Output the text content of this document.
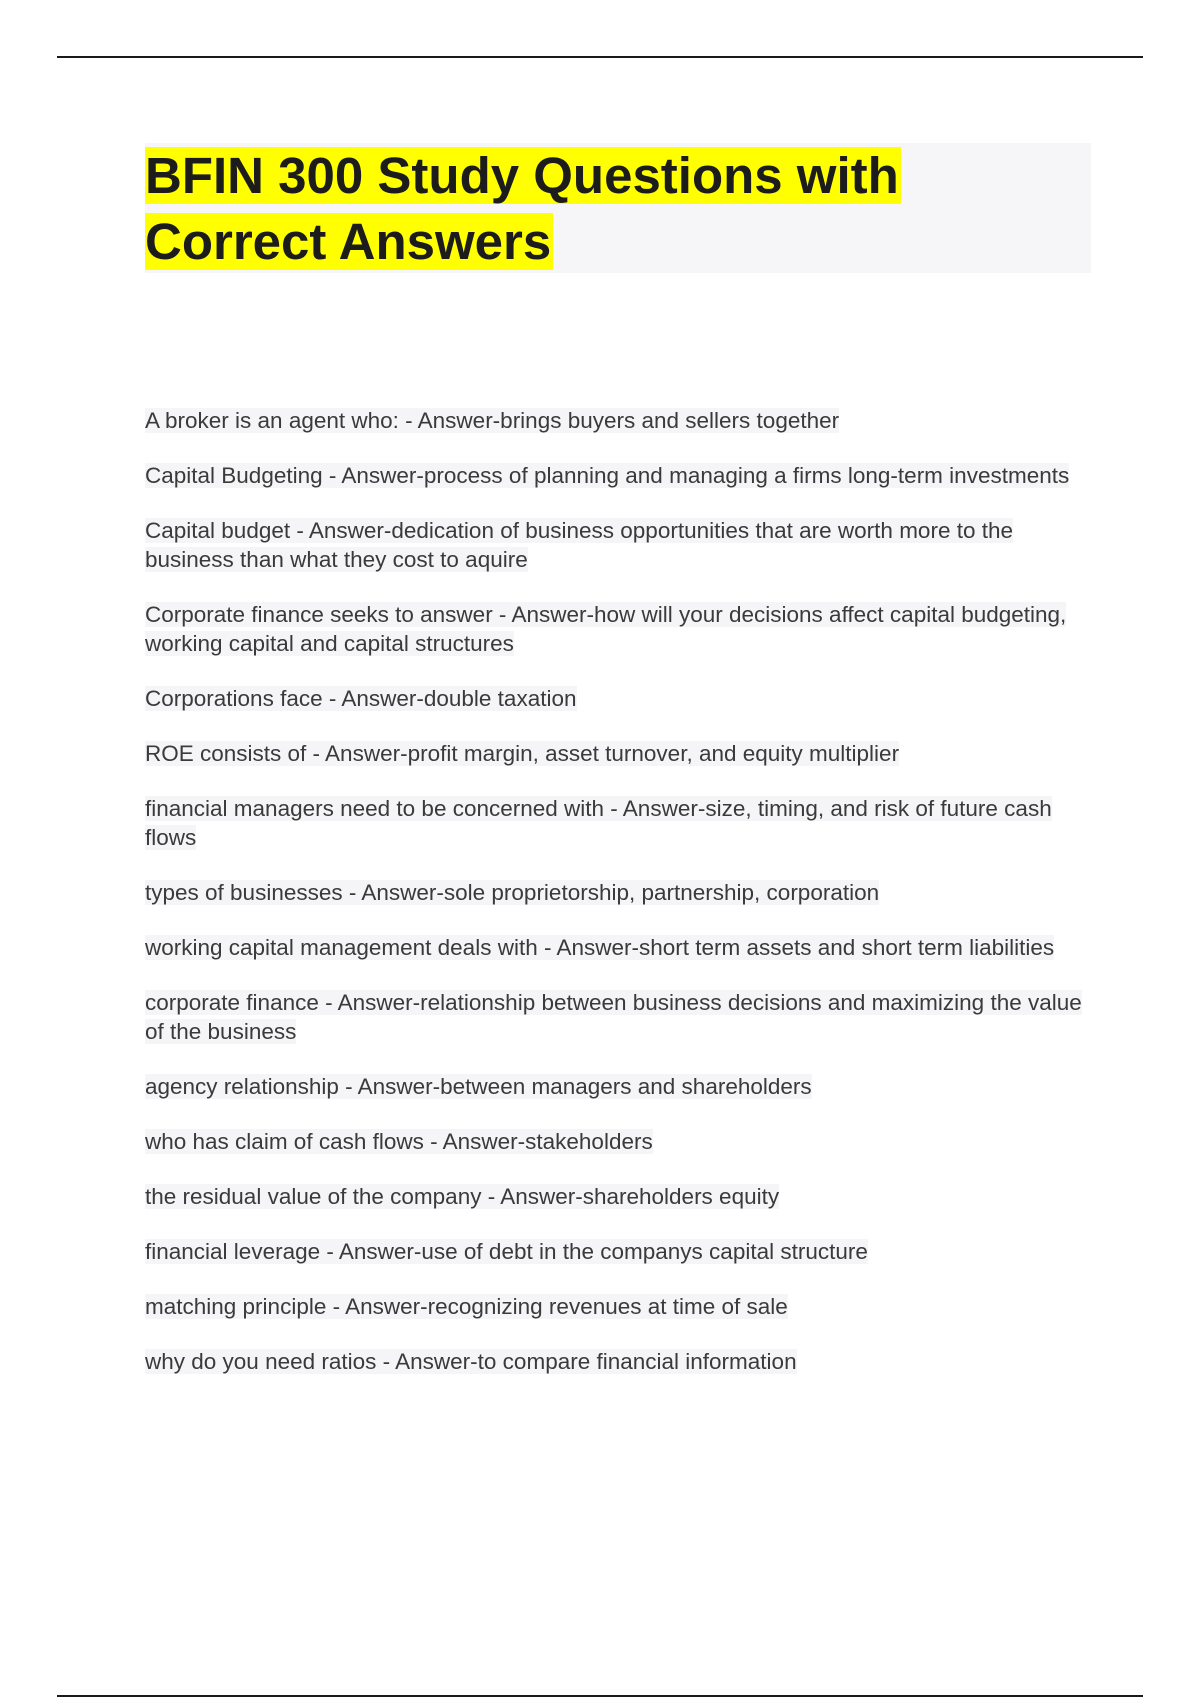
BFIN 300 Study Questions with Correct Answers
A broker is an agent who: - Answer-brings buyers and sellers together
Capital Budgeting - Answer-process of planning and managing a firms long-term investments
Capital budget - Answer-dedication of business opportunities that are worth more to the business than what they cost to aquire
Corporate finance seeks to answer - Answer-how will your decisions affect capital budgeting, working capital and capital structures
Corporations face - Answer-double taxation
ROE consists of - Answer-profit margin, asset turnover, and equity multiplier
financial managers need to be concerned with - Answer-size, timing, and risk of future cash flows
types of businesses - Answer-sole proprietorship, partnership, corporation
working capital management deals with - Answer-short term assets and short term liabilities
corporate finance - Answer-relationship between business decisions and maximizing the value of the business
agency relationship - Answer-between managers and shareholders
who has claim of cash flows - Answer-stakeholders
the residual value of the company - Answer-shareholders equity
financial leverage - Answer-use of debt in the companys capital structure
matching principle - Answer-recognizing revenues at time of sale
why do you need ratios - Answer-to compare financial information
